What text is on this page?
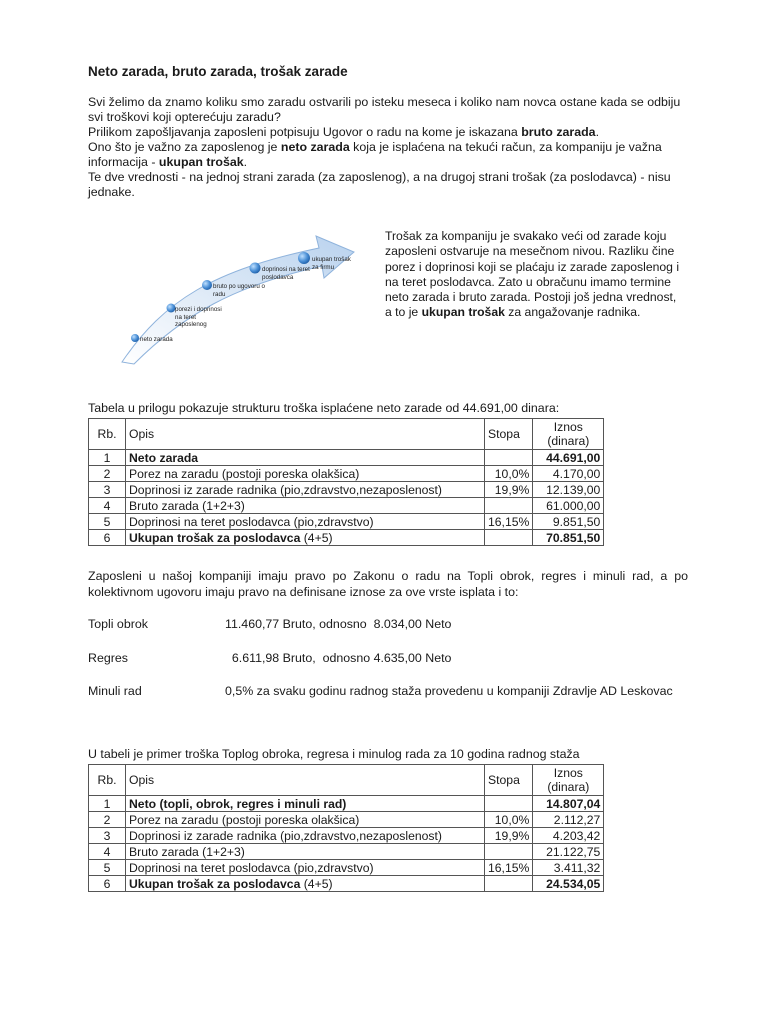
Neto zarada, bruto zarada, trošak zarade

Svi želimo da znamo koliku smo zaradu ostvarili po isteku meseca i koliko nam novca ostane kada se odbiju svi troškovi koji opterećuju zaradu?

Prilikom zapošljavanja zaposleni potpisuju Ugovor o radu na kome je iskazana bruto zarada.

Ono što je važno za zaposlenog je neto zarada koja je isplaćena na tekući račun, za kompaniju je važna informacija - ukupan trošak.

Te dve vrednosti - na jednoj strani zarada (za zaposlenog), a na drugoj strani trošak (za poslodavca) - nisu jednake.

neto zarada
porezi i doprinosi na teret zaposlenog
bruto po ugovoru o radu
doprinosi na teret poslodavca
ukupan trošak za firmu
Trošak za kompaniju je svakako veći od zarade koju zaposleni ostvaruje na mesečnom nivou. Razliku čine porez i doprinosi koji se plaćaju iz zarade zaposlenog i na teret poslodavca. Zato u obračunu imamo termine neto zarada i bruto zarada. Postoji još jedna vrednost, a to je ukupan trošak za angažovanje radnika.
Tabela u prilogu pokazuje strukturu troška isplaćene neto zarade od 44.691,00 dinara:
Rb.	Opis	Stopa	Iznos (dinara)
1	Neto zarada		44.691,00
2	Porez na zaradu (postoji poreska olakšica)	10,0%	4.170,00
3	Doprinosi iz zarade radnika (pio,zdravstvo,nezaposlenost)	19,9%	12.139,00
4	Bruto zarada (1+2+3)		61.000,00
5	Doprinosi na teret poslodavca (pio,zdravstvo)	16,15%	9.851,50
6	Ukupan trošak za poslodavca (4+5)		70.851,50
Zaposleni u našoj kompaniji imaju pravo po Zakonu o radu na Topli obrok, regres i minuli rad, a po kolektivnom ugovoru imaju pravo na definisane iznose za ove vrste isplata i to:
Topli obrok	11.460,77 Bruto, odnosno  8.034,00 Neto
Regres	6.611,98 Bruto,  odnosno 4.635,00 Neto
Minuli rad	0,5% za svaku godinu radnog staža provedenu u kompaniji Zdravlje AD Leskovac
U tabeli je primer troška Toplog obroka, regresa i minulog rada za 10 godina radnog staža
Rb.	Opis	Stopa	Iznos (dinara)
1	Neto (topli, obrok, regres i minuli rad)		14.807,04
2	Porez na zaradu (postoji poreska olakšica)	10,0%	2.112,27
3	Doprinosi iz zarade radnika (pio,zdravstvo,nezaposlenost)	19,9%	4.203,42
4	Bruto zarada (1+2+3)		21.122,75
5	Doprinosi na teret poslodavca (pio,zdravstvo)	16,15%	3.411,32
6	Ukupan trošak za poslodavca (4+5)		24.534,05
